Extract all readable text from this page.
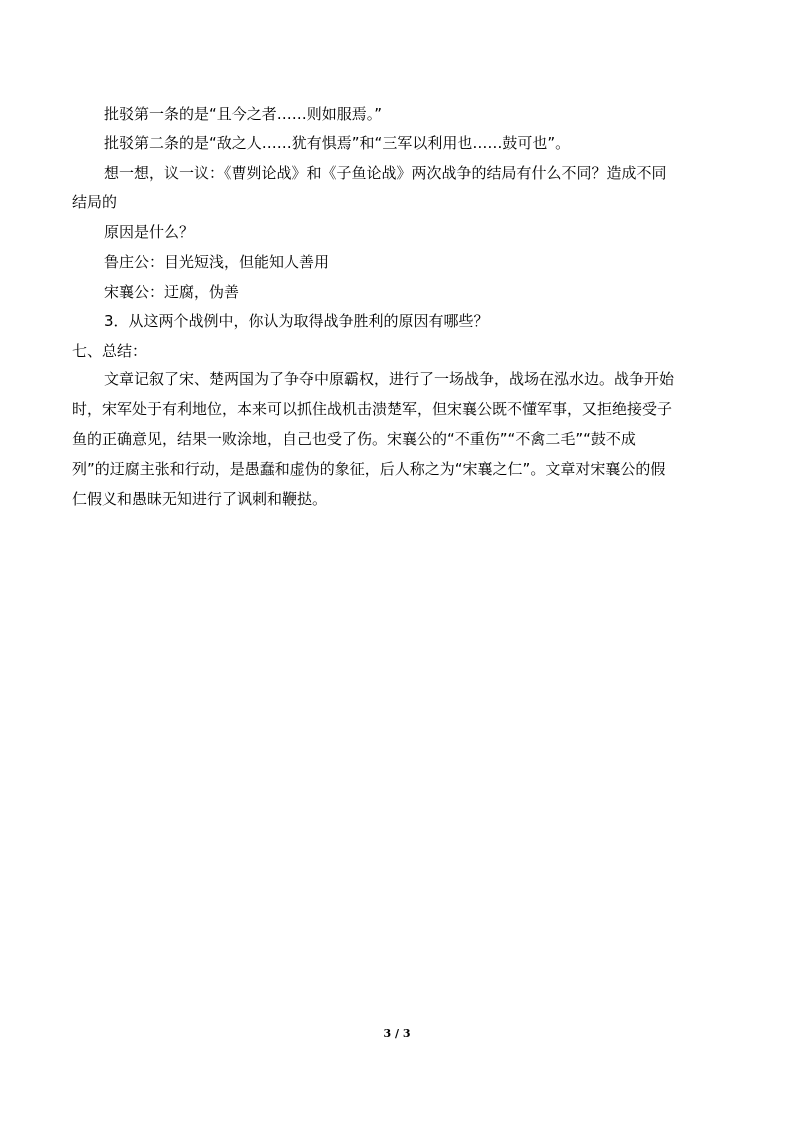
批驳第一条的是“且今之者……则如服焉。”
批驳第二条的是“敌之人……犹有惧焉”和“三军以利用也……鼓可也”。
想一想，议一议：《曹刿论战》和《子鱼论战》两次战争的结局有什么不同？造成不同
结局的
原因是什么？
鲁庄公：目光短浅，但能知人善用
宋襄公：迂腐，伪善
3．从这两个战例中，你认为取得战争胜利的原因有哪些？
七、总结：
文章记叙了宋、楚两国为了争夺中原霸权，进行了一场战争，战场在泓水边。战争开始
时，宋军处于有利地位，本来可以抓住战机击溃楚军，但宋襄公既不懂军事，又拒绝接受子
鱼的正确意见，结果一败涂地，自己也受了伤。宋襄公的“不重伤”“不禽二毛”“鼓不成
列”的迂腐主张和行动，是愚蠢和虚伪的象征，后人称之为“宋襄之仁”。文章对宋襄公的假
仁假义和愚昧无知进行了讽刺和鞭挞。
3 / 3
